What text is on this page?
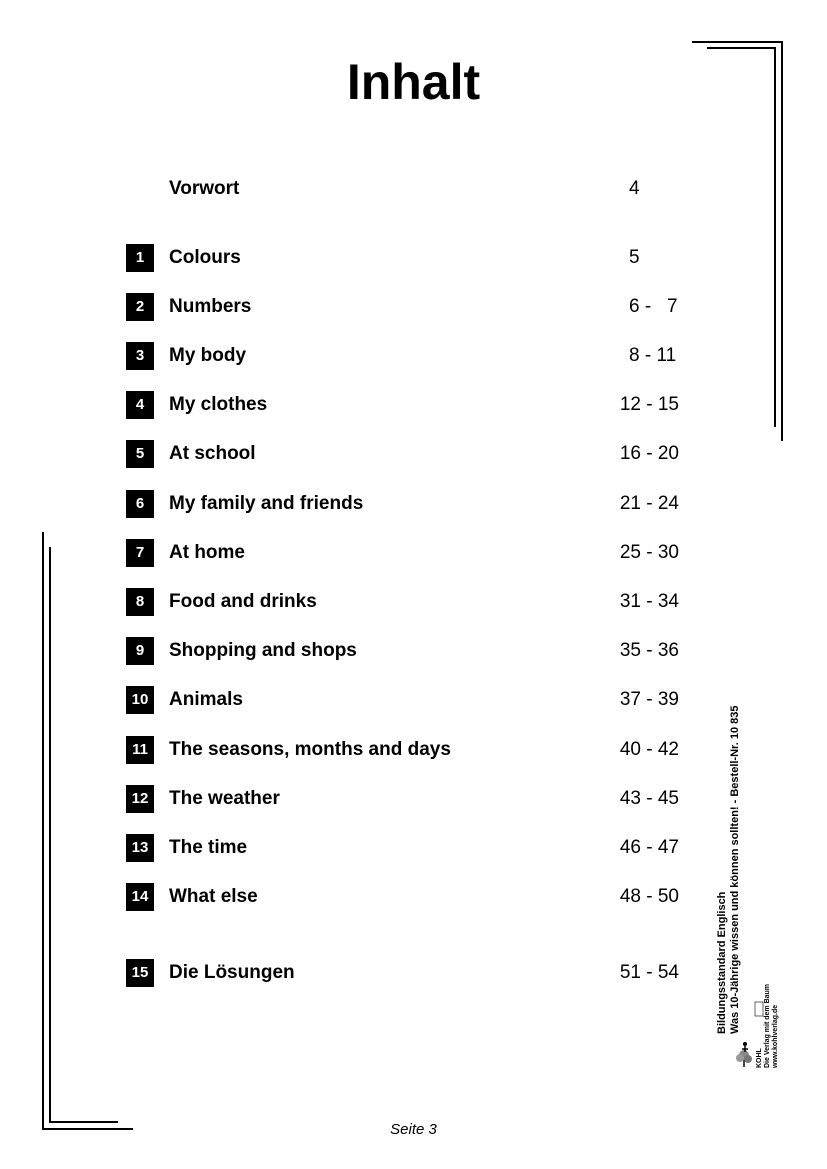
Inhalt
Vorwort	4
1	Colours	5
2	Numbers	6 -   7
3	My body	8 - 11
4	My clothes	12 - 15
5	At school	16 - 20
6	My family and friends	21 - 24
7	At home	25 - 30
8	Food and drinks	31 - 34
9	Shopping and shops	35 - 36
10 Animals	37 - 39
11	The seasons, months and days	40 - 42
12 The weather	43 - 45
13 The time	46 - 47
14 What else	48 - 50
15 Die Lösungen	51 - 54	Bildungsstandard Englisch Was 10-Jährige wissen und können sollten! - Bestell-Nr. 10 835
KOHL Die Verlag mit dem Baum www.kohlverlag.de
Seite 3
